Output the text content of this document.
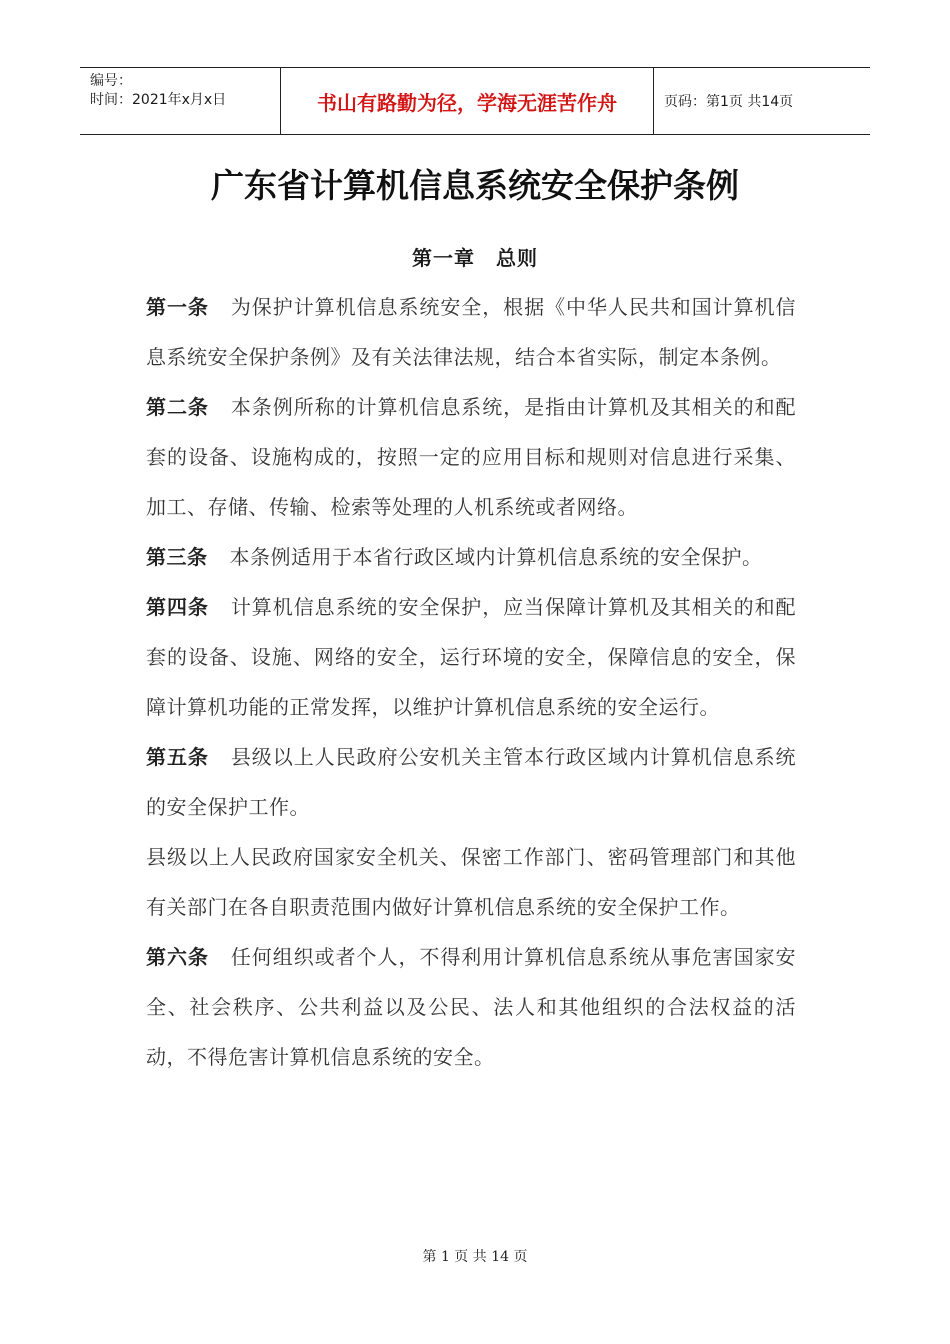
编号：
时间：2021年x月x日	书山有路勤为径，学海无涯苦作舟	页码：第1页 共14页
广东省计算机信息系统安全保护条例
第一章　总则

第一条 为保护计算机信息系统安全，根据《中华人民共和国计算机信息系统安全保护条例》及有关法律法规，结合本省实际，制定本条例。

第二条 本条例所称的计算机信息系统，是指由计算机及其相关的和配套的设备、设施构成的，按照一定的应用目标和规则对信息进行采集、加工、存储、传输、检索等处理的人机系统或者网络。

第三条 本条例适用于本省行政区域内计算机信息系统的安全保护。

第四条 计算机信息系统的安全保护，应当保障计算机及其相关的和配套的设备、设施、网络的安全，运行环境的安全，保障信息的安全，保障计算机功能的正常发挥，以维护计算机信息系统的安全运行。

第五条 县级以上人民政府公安机关主管本行政区域内计算机信息系统的安全保护工作。

县级以上人民政府国家安全机关、保密工作部门、密码管理部门和其他有关部门在各自职责范围内做好计算机信息系统的安全保护工作。

第六条 任何组织或者个人，不得利用计算机信息系统从事危害国家安全、社会秩序、公共利益以及公民、法人和其他组织的合法权益的活动，不得危害计算机信息系统的安全。

第 1 页 共 14 页
